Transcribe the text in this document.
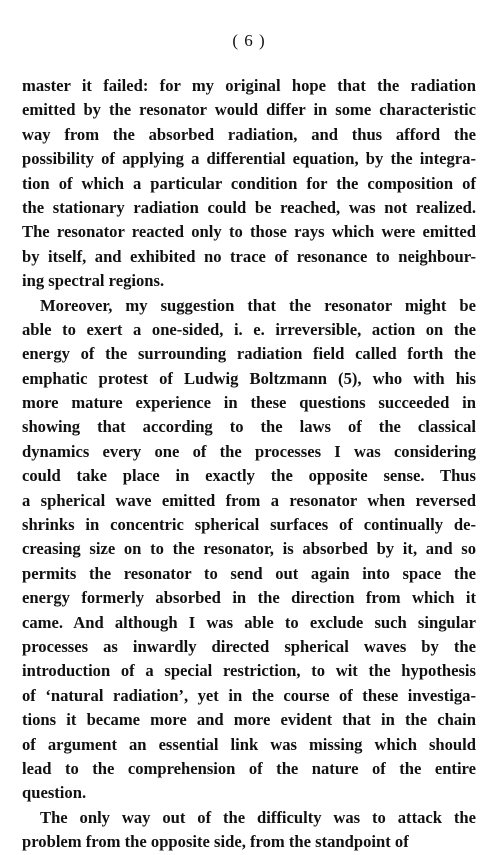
( 6 )
master it failed: for my original hope that the radiation
emitted by the resonator would differ in some characteristic
way from the absorbed radiation, and thus afford the
possibility of applying a differential equation, by the integra-
tion of which a particular condition for the composition of
the stationary radiation could be reached, was not realized.
The resonator reacted only to those rays which were emitted
by itself, and exhibited no trace of resonance to neighbour-
ing spectral regions.
Moreover, my suggestion that the resonator might be
able to exert a one-sided, i. e. irreversible, action on the
energy of the surrounding radiation field called forth the
emphatic protest of Ludwig Boltzmann (5), who with his
more mature experience in these questions succeeded in
showing that according to the laws of the classical
dynamics every one of the processes I was considering
could take place in exactly the opposite sense. Thus
a spherical wave emitted from a resonator when reversed
shrinks in concentric spherical surfaces of continually de-
creasing size on to the resonator, is absorbed by it, and so
permits the resonator to send out again into space the
energy formerly absorbed in the direction from which it
came. And although I was able to exclude such singular
processes as inwardly directed spherical waves by the
introduction of a special restriction, to wit the hypothesis
of ‘natural radiation’, yet in the course of these investiga-
tions it became more and more evident that in the chain
of argument an essential link was missing which should
lead to the comprehension of the nature of the entire
question.
The only way out of the difficulty was to attack the
problem from the opposite side, from the standpoint of
